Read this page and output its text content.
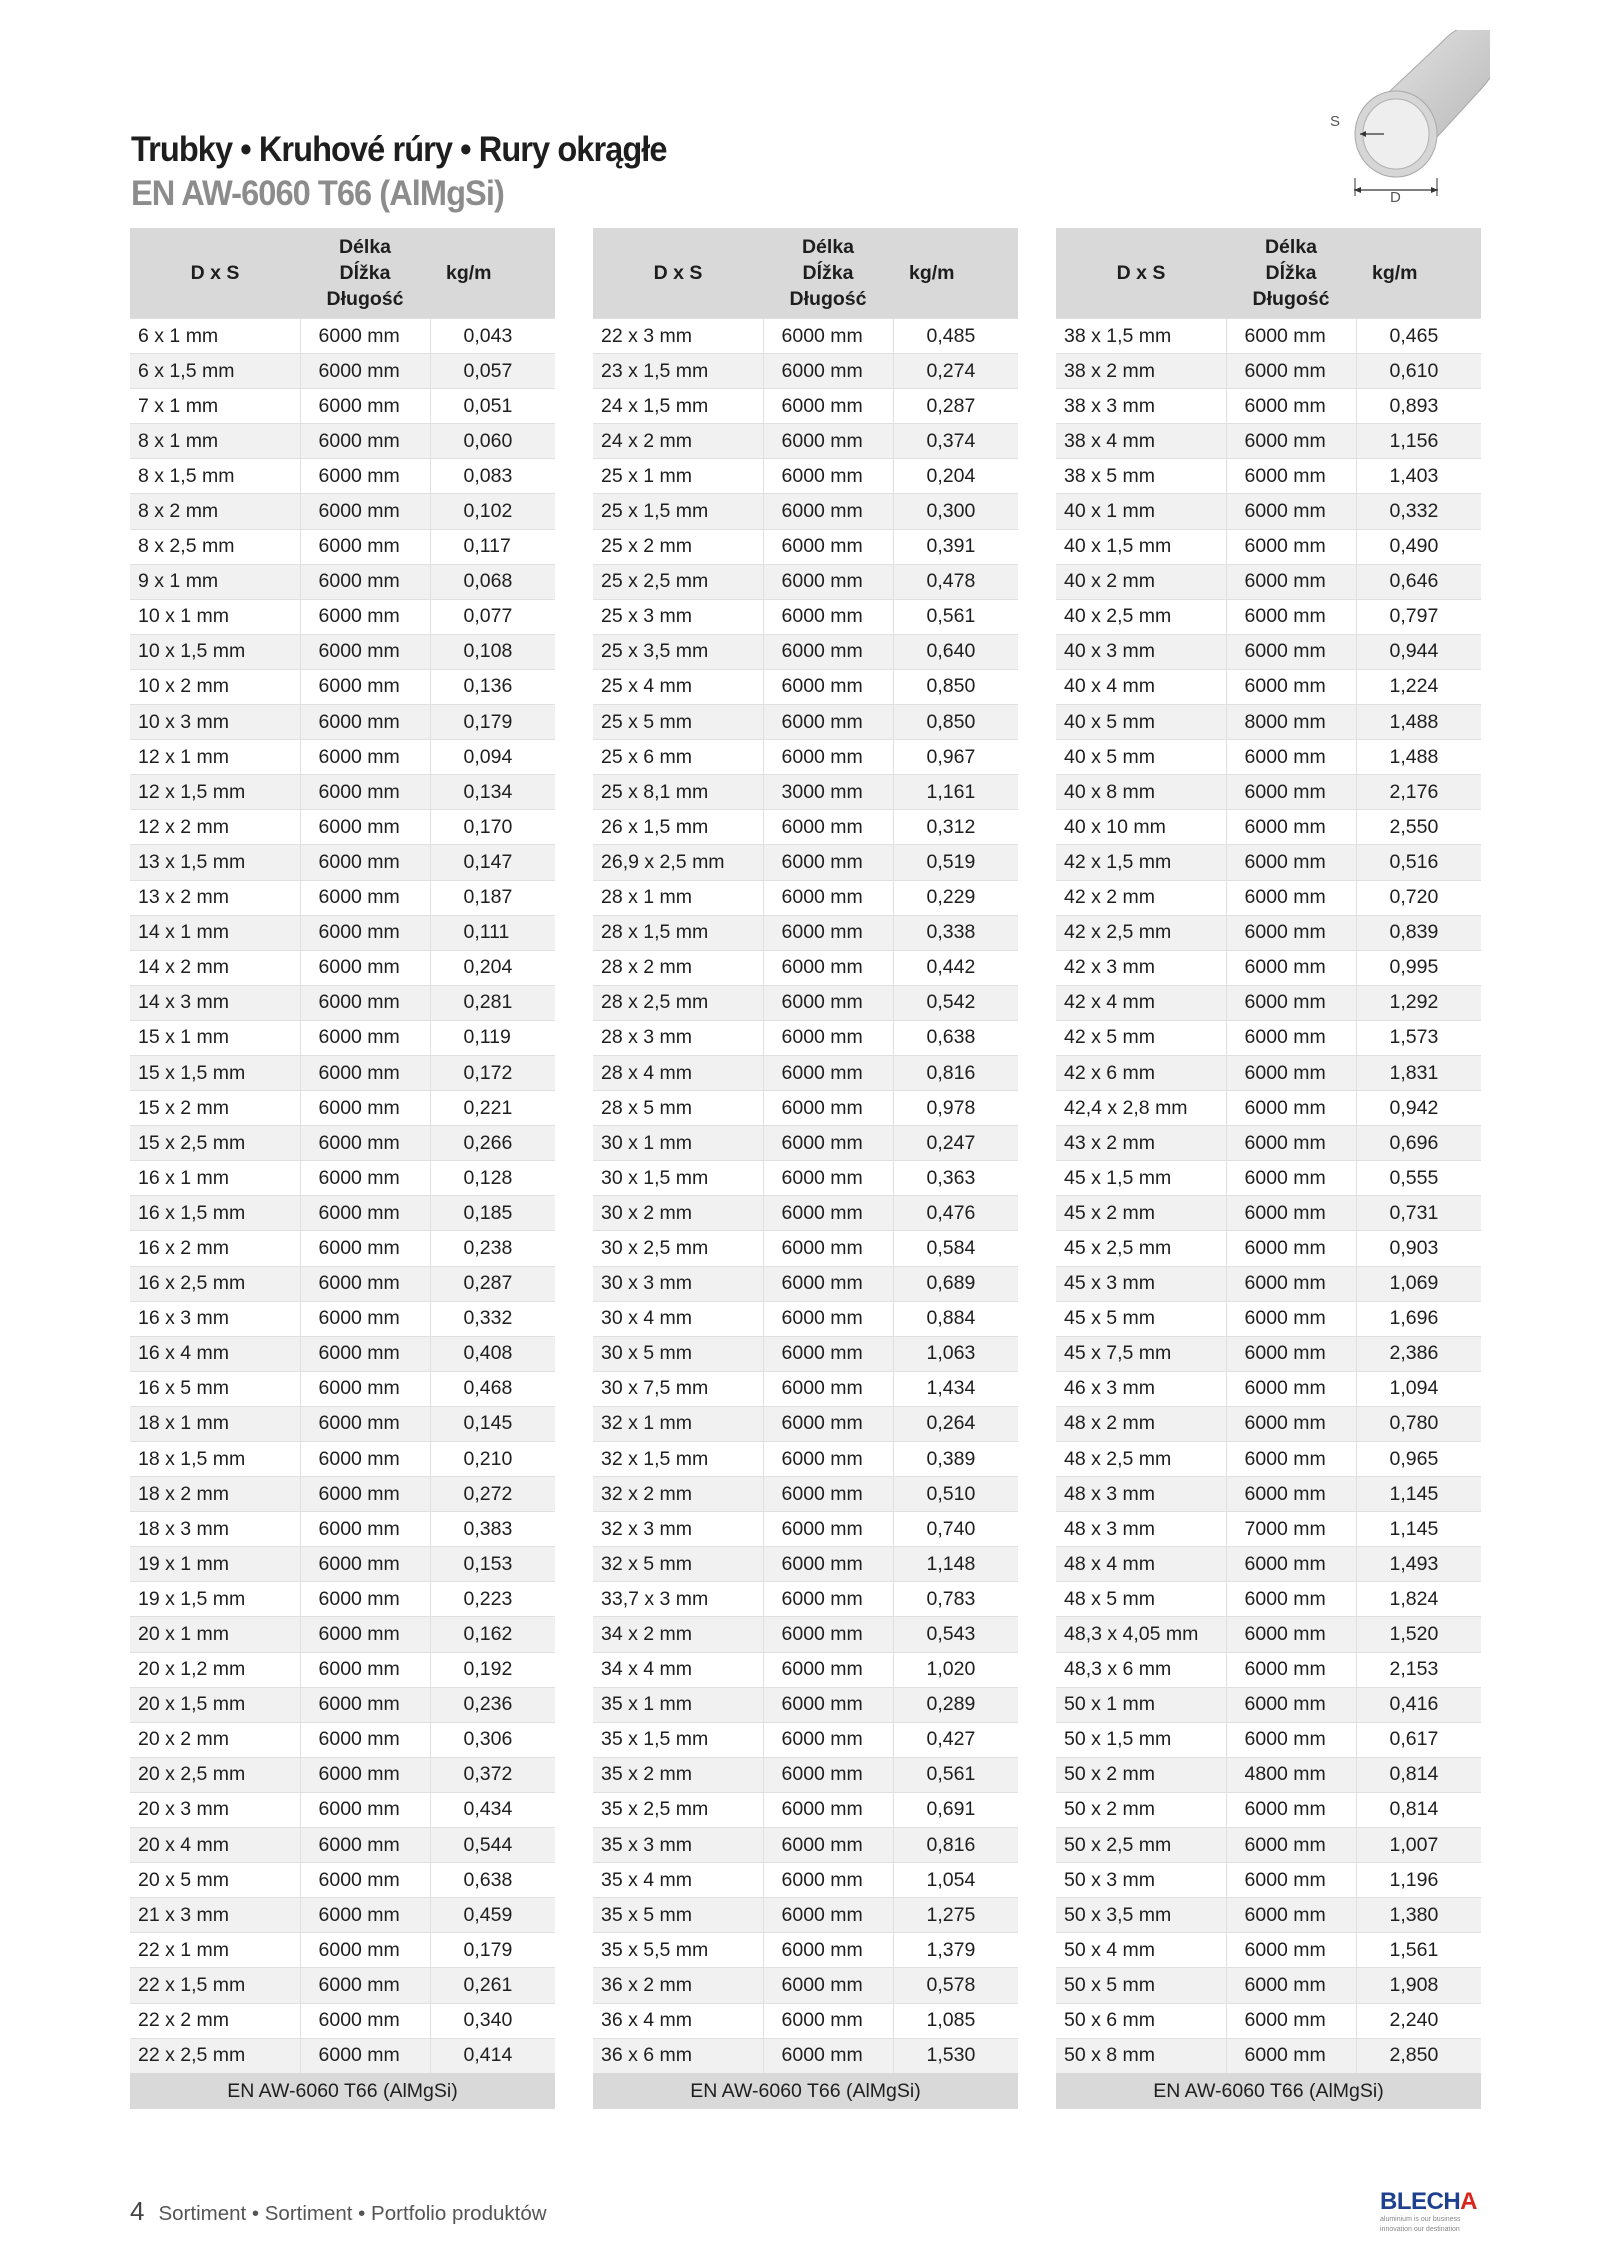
Trubky • Kruhové rúry • Rury okrągłe
EN AW-6060 T66 (AlMgSi)
S
D
D x S	Délka
Dĺžka
Długość	kg/m
6 x 1 mm	6000 mm	0,043
6 x 1,5 mm	6000 mm	0,057
7 x 1 mm	6000 mm	0,051
8 x 1 mm	6000 mm	0,060
8 x 1,5 mm	6000 mm	0,083
8 x 2 mm	6000 mm	0,102
8 x 2,5 mm	6000 mm	0,117
9 x 1 mm	6000 mm	0,068
10 x 1 mm	6000 mm	0,077
10 x 1,5 mm	6000 mm	0,108
10 x 2 mm	6000 mm	0,136
10 x 3 mm	6000 mm	0,179
12 x 1 mm	6000 mm	0,094
12 x 1,5 mm	6000 mm	0,134
12 x 2 mm	6000 mm	0,170
13 x 1,5 mm	6000 mm	0,147
13 x 2 mm	6000 mm	0,187
14 x 1 mm	6000 mm	0,111
14 x 2 mm	6000 mm	0,204
14 x 3 mm	6000 mm	0,281
15 x 1 mm	6000 mm	0,119
15 x 1,5 mm	6000 mm	0,172
15 x 2 mm	6000 mm	0,221
15 x 2,5 mm	6000 mm	0,266
16 x 1 mm	6000 mm	0,128
16 x 1,5 mm	6000 mm	0,185
16 x 2 mm	6000 mm	0,238
16 x 2,5 mm	6000 mm	0,287
16 x 3 mm	6000 mm	0,332
16 x 4 mm	6000 mm	0,408
16 x 5 mm	6000 mm	0,468
18 x 1 mm	6000 mm	0,145
18 x 1,5 mm	6000 mm	0,210
18 x 2 mm	6000 mm	0,272
18 x 3 mm	6000 mm	0,383
19 x 1 mm	6000 mm	0,153
19 x 1,5 mm	6000 mm	0,223
20 x 1 mm	6000 mm	0,162
20 x 1,2 mm	6000 mm	0,192
20 x 1,5 mm	6000 mm	0,236
20 x 2 mm	6000 mm	0,306
20 x 2,5 mm	6000 mm	0,372
20 x 3 mm	6000 mm	0,434
20 x 4 mm	6000 mm	0,544
20 x 5 mm	6000 mm	0,638
21 x 3 mm	6000 mm	0,459
22 x 1 mm	6000 mm	0,179
22 x 1,5 mm	6000 mm	0,261
22 x 2 mm	6000 mm	0,340
22 x 2,5 mm	6000 mm	0,414
EN AW-6060 T66 (AlMgSi)		
D x S	Délka
Dĺžka
Długość	kg/m
22 x 3 mm	6000 mm	0,485
23 x 1,5 mm	6000 mm	0,274
24 x 1,5 mm	6000 mm	0,287
24 x 2 mm	6000 mm	0,374
25 x 1 mm	6000 mm	0,204
25 x 1,5 mm	6000 mm	0,300
25 x 2 mm	6000 mm	0,391
25 x 2,5 mm	6000 mm	0,478
25 x 3 mm	6000 mm	0,561
25 x 3,5 mm	6000 mm	0,640
25 x 4 mm	6000 mm	0,850
25 x 5 mm	6000 mm	0,850
25 x 6 mm	6000 mm	0,967
25 x 8,1 mm	3000 mm	1,161
26 x 1,5 mm	6000 mm	0,312
26,9 x 2,5 mm	6000 mm	0,519
28 x 1 mm	6000 mm	0,229
28 x 1,5 mm	6000 mm	0,338
28 x 2 mm	6000 mm	0,442
28 x 2,5 mm	6000 mm	0,542
28 x 3 mm	6000 mm	0,638
28 x 4 mm	6000 mm	0,816
28 x 5 mm	6000 mm	0,978
30 x 1 mm	6000 mm	0,247
30 x 1,5 mm	6000 mm	0,363
30 x 2 mm	6000 mm	0,476
30 x 2,5 mm	6000 mm	0,584
30 x 3 mm	6000 mm	0,689
30 x 4 mm	6000 mm	0,884
30 x 5 mm	6000 mm	1,063
30 x 7,5 mm	6000 mm	1,434
32 x 1 mm	6000 mm	0,264
32 x 1,5 mm	6000 mm	0,389
32 x 2 mm	6000 mm	0,510
32 x 3 mm	6000 mm	0,740
32 x 5 mm	6000 mm	1,148
33,7 x 3 mm	6000 mm	0,783
34 x 2 mm	6000 mm	0,543
34 x 4 mm	6000 mm	1,020
35 x 1 mm	6000 mm	0,289
35 x 1,5 mm	6000 mm	0,427
35 x 2 mm	6000 mm	0,561
35 x 2,5 mm	6000 mm	0,691
35 x 3 mm	6000 mm	0,816
35 x 4 mm	6000 mm	1,054
35 x 5 mm	6000 mm	1,275
35 x 5,5 mm	6000 mm	1,379
36 x 2 mm	6000 mm	0,578
36 x 4 mm	6000 mm	1,085
36 x 6 mm	6000 mm	1,530
EN AW-6060 T66 (AlMgSi)		
D x S	Délka
Dĺžka
Długość	kg/m
38 x 1,5 mm	6000 mm	0,465
38 x 2 mm	6000 mm	0,610
38 x 3 mm	6000 mm	0,893
38 x 4 mm	6000 mm	1,156
38 x 5 mm	6000 mm	1,403
40 x 1 mm	6000 mm	0,332
40 x 1,5 mm	6000 mm	0,490
40 x 2 mm	6000 mm	0,646
40 x 2,5 mm	6000 mm	0,797
40 x 3 mm	6000 mm	0,944
40 x 4 mm	6000 mm	1,224
40 x 5 mm	8000 mm	1,488
40 x 5 mm	6000 mm	1,488
40 x 8 mm	6000 mm	2,176
40 x 10 mm	6000 mm	2,550
42 x 1,5 mm	6000 mm	0,516
42 x 2 mm	6000 mm	0,720
42 x 2,5 mm	6000 mm	0,839
42 x 3 mm	6000 mm	0,995
42 x 4 mm	6000 mm	1,292
42 x 5 mm	6000 mm	1,573
42 x 6 mm	6000 mm	1,831
42,4 x 2,8 mm	6000 mm	0,942
43 x 2 mm	6000 mm	0,696
45 x 1,5 mm	6000 mm	0,555
45 x 2 mm	6000 mm	0,731
45 x 2,5 mm	6000 mm	0,903
45 x 3 mm	6000 mm	1,069
45 x 5 mm	6000 mm	1,696
45 x 7,5 mm	6000 mm	2,386
46 x 3 mm	6000 mm	1,094
48 x 2 mm	6000 mm	0,780
48 x 2,5 mm	6000 mm	0,965
48 x 3 mm	6000 mm	1,145
48 x 3 mm	7000 mm	1,145
48 x 4 mm	6000 mm	1,493
48 x 5 mm	6000 mm	1,824
48,3 x 4,05 mm	6000 mm	1,520
48,3 x 6 mm	6000 mm	2,153
50 x 1 mm	6000 mm	0,416
50 x 1,5 mm	6000 mm	0,617
50 x 2 mm	4800 mm	0,814
50 x 2 mm	6000 mm	0,814
50 x 2,5 mm	6000 mm	1,007
50 x 3 mm	6000 mm	1,196
50 x 3,5 mm	6000 mm	1,380
50 x 4 mm	6000 mm	1,561
50 x 5 mm	6000 mm	1,908
50 x 6 mm	6000 mm	2,240
50 x 8 mm	6000 mm	2,850
EN AW-6060 T66 (AlMgSi)		
4 Sortiment • Sortiment • Portfolio produktów	BLECH A
aluminium is our business
innovation our destination
